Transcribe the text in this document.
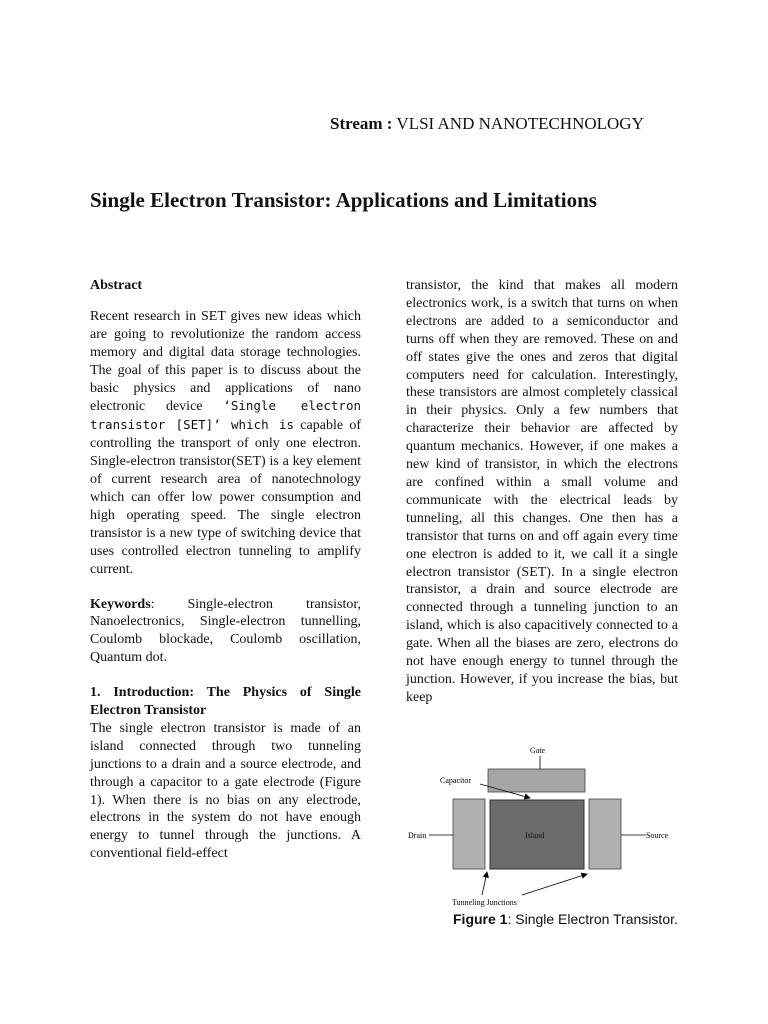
Stream : VLSI AND NANOTECHNOLOGY
Single Electron Transistor: Applications and Limitations

Abstract

Recent research in SET gives new ideas which are going to revolutionize the random access memory and digital data storage technologies. The goal of this paper is to discuss about the basic physics and applications of nano electronic device ‘Single electron transistor [SET]’ which is capable of controlling the transport of only one electron. Single-electron transistor(SET) is a key element of current research area of nanotechnology which can offer low power consumption and high operating speed. The single electron transistor is a new type of switching device that uses controlled electron tunneling to amplify current.

Keywords: Single-electron transistor, Nanoelectronics, Single-electron tunnelling, Coulomb blockade, Coulomb oscillation, Quantum dot.

1. Introduction: The Physics of Single Electron Transistor

The single electron transistor is made of an island connected through two tunneling junctions to a drain and a source electrode, and through a capacitor to a gate electrode (Figure 1). When there is no bias on any electrode, electrons in the system do not have enough energy to tunnel through the junctions. A conventional field-effect

transistor, the kind that makes all modern electronics work, is a switch that turns on when electrons are added to a semiconductor and turns off when they are removed. These on and off states give the ones and zeros that digital computers need for calculation. Interestingly, these transistors are almost completely classical in their physics. Only a few numbers that characterize their behavior are affected by quantum mechanics. However, if one makes a new kind of transistor, in which the electrons are confined within a small volume and communicate with the electrical leads by tunneling, all this changes. One then has a transistor that turns on and off again every time one electron is added to it, we call it a single electron transistor (SET). In a single electron transistor, a drain and source electrode are connected through a tunneling junction to an island, which is also capacitively connected to a gate. When all the biases are zero, electrons do not have enough energy to tunnel through the junction. However, if you increase the bias, but keep

Gate
Capacitor
Drain	Island	Source
Tunneling Junctions
Figure 1: Single Electron Transistor.
